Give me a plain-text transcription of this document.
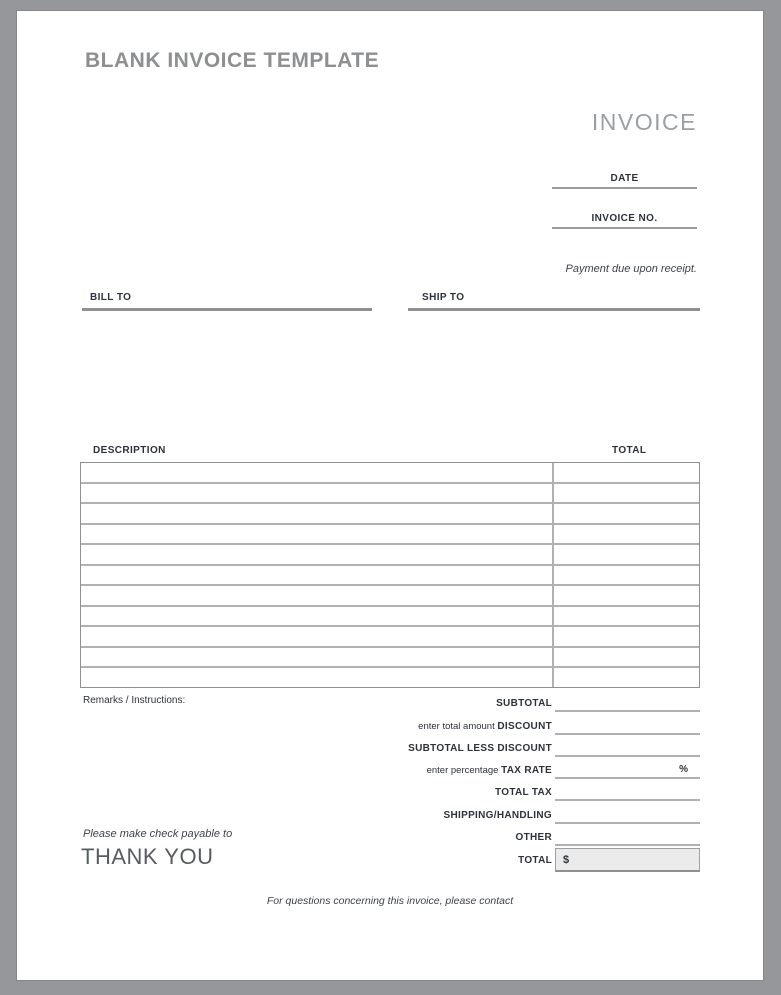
BLANK INVOICE TEMPLATE
INVOICE
DATE
INVOICE NO.
Payment due upon receipt.
BILL TO	SHIP TO
DESCRIPTION	TOTAL
Remarks / Instructions:	SUBTOTAL
enter total amount DISCOUNT
SUBTOTAL LESS DISCOUNT
enter percentage TAX RATE	%
TOTAL TAX
SHIPPING/HANDLING
OTHER
TOTAL $
Please make check payable to
THANK YOU
For questions concerning this invoice, please contact
